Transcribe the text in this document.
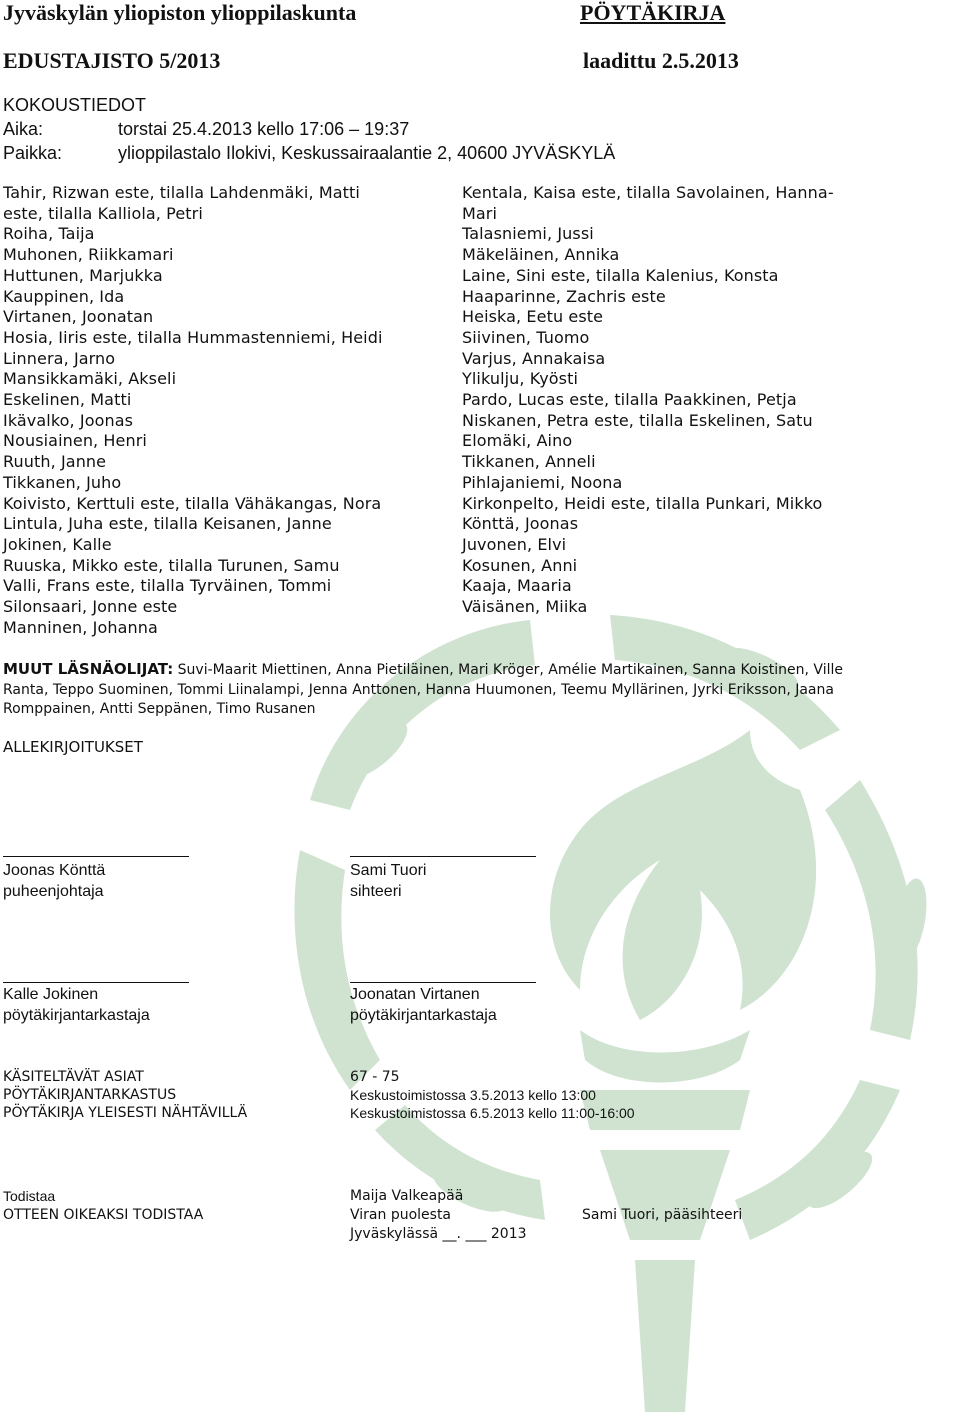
Jyväskylän yliopiston ylioppilaskunta	PÖYTÄKIRJA
EDUSTAJISTO 5/2013	laadittu 2.5.2013
KOKOUSTIEDOT
Aika:	torstai 25.4.2013 kello 17:06 – 19:37
Paikka:	ylioppilastalo Ilokivi, Keskussairaalantie 2, 40600 JYVÄSKYLÄ
Tahir, Rizwan este, tilalla Lahdenmäki, Matti
este, tilalla Kalliola, Petri
Roiha, Taija
Muhonen, Riikkamari
Huttunen, Marjukka
Kauppinen, Ida
Virtanen, Joonatan
Hosia, Iiris este, tilalla Hummastenniemi, Heidi
Linnera, Jarno
Mansikkamäki, Akseli
Eskelinen, Matti
Ikävalko, Joonas
Nousiainen, Henri
Ruuth, Janne
Tikkanen, Juho
Koivisto, Kerttuli este, tilalla Vähäkangas, Nora
Lintula, Juha este, tilalla Keisanen, Janne
Jokinen, Kalle
Ruuska, Mikko este, tilalla Turunen, Samu
Valli, Frans este, tilalla Tyrväinen, Tommi
Silonsaari, Jonne este
Manninen, Johanna
Kentala, Kaisa este, tilalla Savolainen, Hanna-
Mari
Talasniemi, Jussi
Mäkeläinen, Annika
Laine, Sini este, tilalla Kalenius, Konsta
Haaparinne, Zachris este
Heiska, Eetu este
Siivinen, Tuomo
Varjus, Annakaisa
Ylikulju, Kyösti
Pardo, Lucas este, tilalla Paakkinen, Petja
Niskanen, Petra este, tilalla Eskelinen, Satu
Elomäki, Aino
Tikkanen, Anneli
Pihlajaniemi, Noona
Kirkonpelto, Heidi este, tilalla Punkari, Mikko
Könttä, Joonas
Juvonen, Elvi
Kosunen, Anni
Kaaja, Maaria
Väisänen, Miika
MUUT LÄSNÄOLIJAT: Suvi-Maarit Miettinen, Anna Pietiläinen, Mari Kröger, Amélie Martikainen, Sanna Koistinen, Ville Ranta, Teppo Suominen, Tommi Liinalampi, Jenna Anttonen, Hanna Huumonen, Teemu Myllärinen, Jyrki Eriksson, Jaana Romppainen, Antti Seppänen, Timo Rusanen
ALLEKIRJOITUKSET
Joonas Könttä
puheenjohtaja
Sami Tuori
sihteeri
Kalle Jokinen
pöytäkirjantarkastaja
Joonatan Virtanen
pöytäkirjantarkastaja
KÄSITELTÄVÄT ASIAT	67 - 75
PÖYTÄKIRJANTARKASTUS	Keskustoimistossa 3.5.2013 kello 13:00
PÖYTÄKIRJA YLEISESTI NÄHTÄVILLÄ	Keskustoimistossa 6.5.2013 kello 11:00-16:00
Todistaa	Maija Valkeapää
OTTEEN OIKEAKSI TODISTAA	Viran puolesta	Sami Tuori, pääsihteeri
Jyväskylässä __. ___ 2013
